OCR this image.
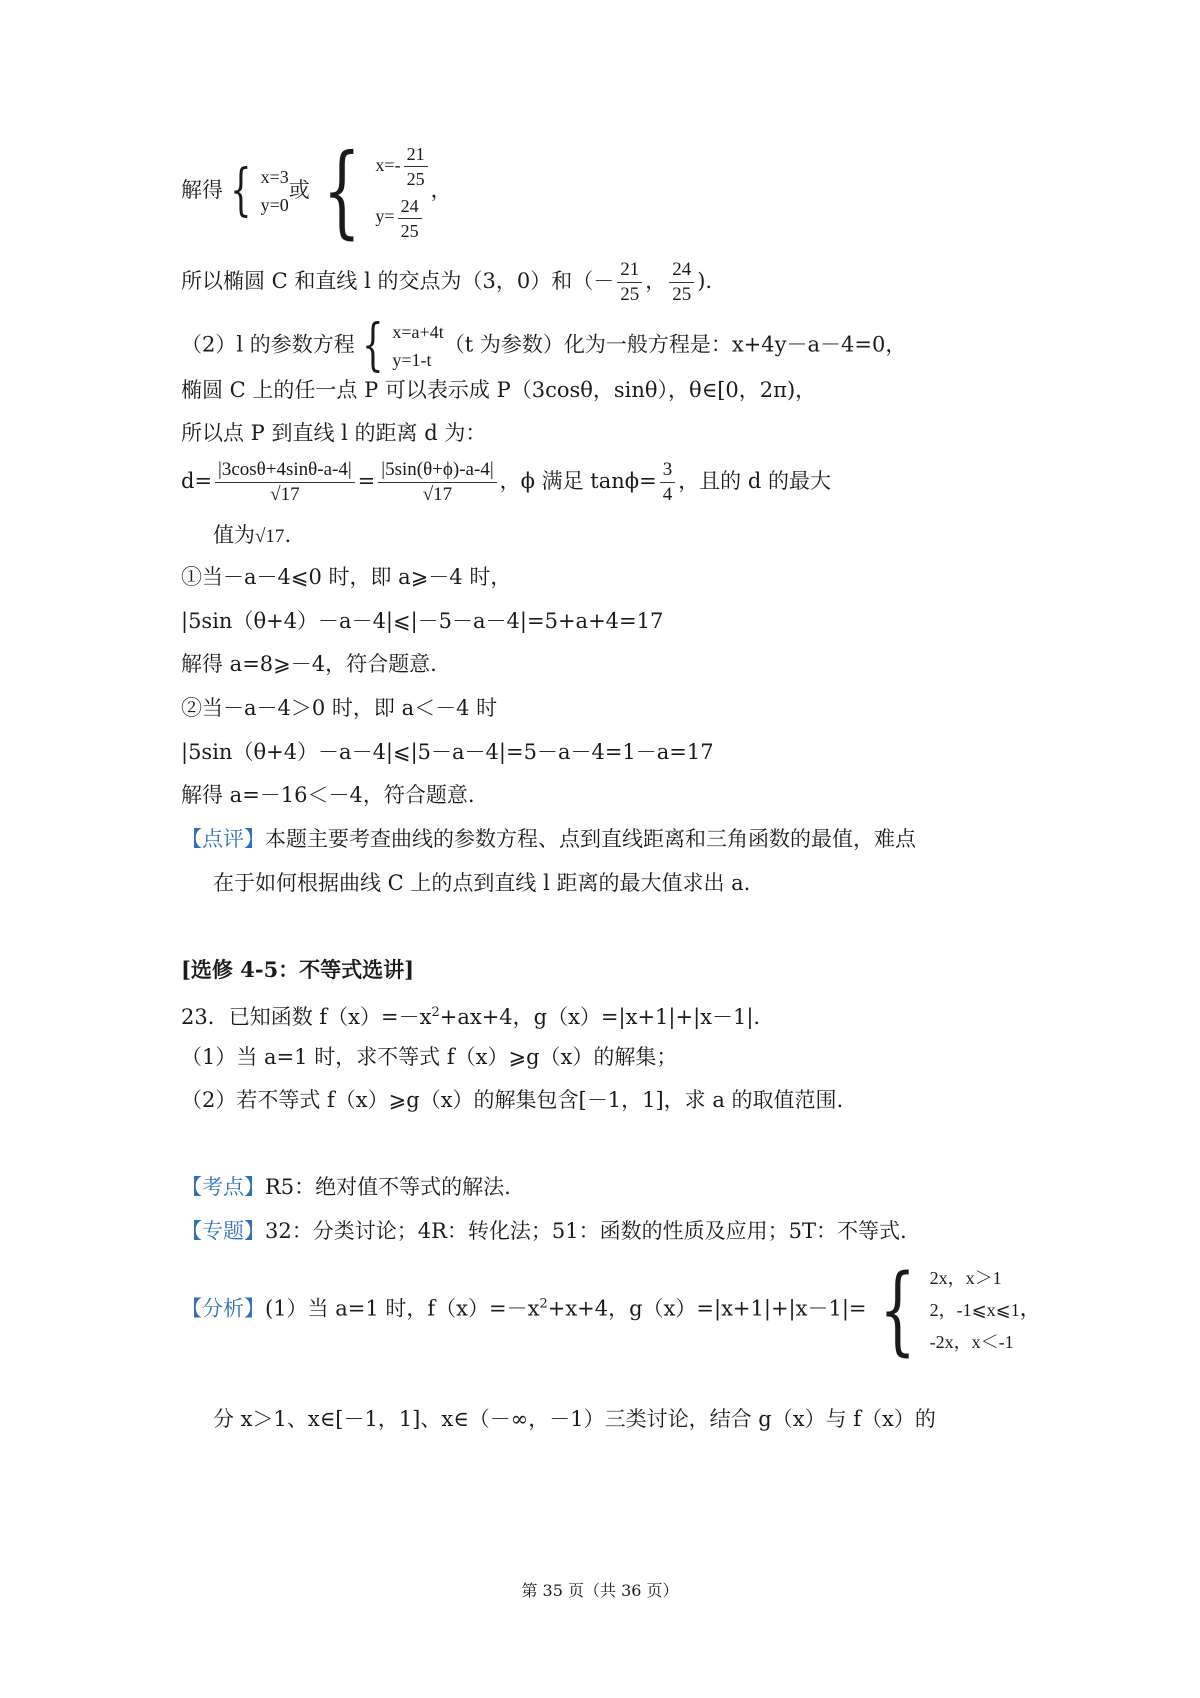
解得 { x=3
y=0或 { $x=- \frac{21}{25}$

$y= \frac{24}{25}$
，
所以椭圆 C 和直线 l 的交点为（3，0）和（－ $\frac{21}{25}$ ， $\frac{24}{25}$ ).
（2）l 的参数方程 { x=a+4t
y=1-t（t 为参数）化为一般方程是：x+4y－a－4=0，
椭圆 C 上的任一点 P 可以表示成 P（3cosθ，sinθ），θ∈[0，2π)，
所以点 P 到直线 l 的距离 d 为：
$d= \frac{|3\cos\theta+4\sin\theta-a-4|}{√17} = \frac{|5\sin(\theta+\phi)-a-4|}{√17}$ ，ϕ 满足 $\tan\phi= \frac{3}{4}$ ，且的 d 的最大
值为√17.
①当－a－4⩽0 时，即 a⩾－4 时，
|5sin（θ+4）－a－4|⩽|－5－a－4|=5+a+4=17
解得 a=8⩾－4，符合题意.
②当－a－4＞0 时，即 a＜－4 时
|5sin（θ+4）－a－4|⩽|5－a－4|=5－a－4=1－a=17
解得 a=－16＜－4，符合题意.
【点评】本题主要考查曲线的参数方程、点到直线距离和三角函数的最值，难点
在于如何根据曲线 C 上的点到直线 l 距离的最大值求出 a.
[选修 4-5：不等式选讲]
23．已知函数 $f(x)=-x^2+ax+4$，g（x）=|x+1|+|x－1|.
（1）当 a=1 时，求不等式 f（x）⩾g（x）的解集；
（2）若不等式 f（x）⩾g（x）的解集包含[－1，1]，求 a 的取值范围.
【考点】R5：绝对值不等式的解法.
【专题】32：分类讨论；4R：转化法；51：函数的性质及应用；5T：不等式.
【分析】(1）当 a=1 时，$f(x)=-x^2+x+4$，g（x）=|x+1|+|x－1|= { 2x，x＞1
2，-1⩽x⩽1
-2x，x＜-1，
分 x＞1、x∈[－1，1]、x∈（－∞，－1）三类讨论，结合 g（x）与 f（x）的
第 35 页（共 36 页）
